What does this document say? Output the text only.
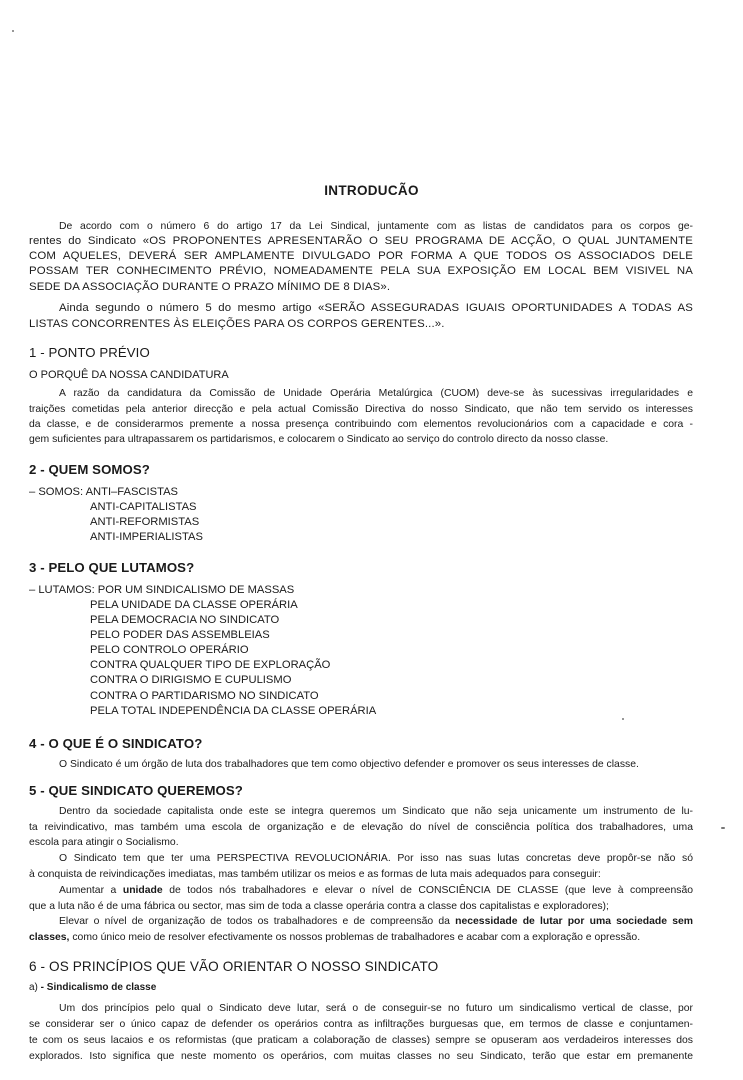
INTRODUCÃO
De acordo com o número 6 do artigo 17 da Lei Sindical, juntamente com as listas de candidatos para os corpos ge-
rentes do Sindicato «OS PROPONENTES APRESENTARÃO O SEU PROGRAMA DE ACÇÃO, O QUAL JUNTAMENTE
COM AQUELES, DEVERÁ SER AMPLAMENTE DIVULGADO POR FORMA A QUE TODOS OS ASSOCIADOS DELE
POSSAM TER CONHECIMENTO PRÉVIO, NOMEADAMENTE PELA SUA EXPOSIÇÃO EM LOCAL BEM VISIVEL NA
SEDE DA ASSOCIAÇÃO DURANTE O PRAZO MÍNIMO DE 8 DIAS».
Ainda segundo o número 5 do mesmo artigo «SERÃO ASSEGURADAS IGUAIS OPORTUNIDADES A TODAS AS
LISTAS CONCORRENTES ÀS ELEIÇÕES PARA OS CORPOS GERENTES...».
1 - PONTO PRÉVIO
O PORQUÊ DA NOSSA CANDIDATURA
A razão da candidatura da Comissão de Unidade Operária Metalúrgica (CUOM) deve-se às sucessivas irregularidades e
traições cometidas pela anterior direcção e pela actual Comissão Directiva do nosso Sindicato, que não tem servido os interesses
da classe, e de considerarmos premente a nossa presença contribuindo com elementos revolucionários com a capacidade e cora -
gem suficientes para ultrapassarem os partidarismos, e colocarem o Sindicato ao serviço do controlo directo da nosso classe.
2 - QUEM SOMOS?
– SOMOS: ANTI–FASCISTAS
ANTI-CAPITALISTAS
ANTI-REFORMISTAS
ANTI-IMPERIALISTAS
3 - PELO QUE LUTAMOS?
– LUTAMOS: POR UM SINDICALISMO DE MASSAS
PELA UNIDADE DA CLASSE OPERÁRIA
PELA DEMOCRACIA NO SINDICATO
PELO PODER DAS ASSEMBLEIAS
PELO CONTROLO OPERÁRIO
CONTRA QUALQUER TIPO DE EXPLORAÇÃO
CONTRA O DIRIGISMO E CUPULISMO
CONTRA O PARTIDARISMO NO SINDICATO
PELA TOTAL INDEPENDÊNCIA DA CLASSE OPERÁRIA
4 - O QUE É O SINDICATO?
O Sindicato é um órgão de luta dos trabalhadores que tem como objectivo defender e promover os seus interesses de classe.
5 - QUE SINDICATO QUEREMOS?
Dentro da sociedade capitalista onde este se integra queremos um Sindicato que não seja unicamente um instrumento de lu-
ta reivindicativo, mas também uma escola de organização e de elevação do nível de consciência política dos trabalhadores, uma
escola para atingir o Socialismo.
O Sindicato tem que ter uma PERSPECTIVA REVOLUCIONÁRIA. Por isso nas suas lutas concretas deve propôr-se não só
à conquista de reivindicações imediatas, mas também utilizar os meios e as formas de luta mais adequados para conseguir:
Aumentar a unidade de todos nós trabalhadores e elevar o nível de CONSCIÊNCIA DE CLASSE (que leve à compreensão
que a luta não é de uma fábrica ou sector, mas sim de toda a classe operária contra a classe dos capitalistas e exploradores);
Elevar o nível de organização de todos os trabalhadores e de compreensão da necessidade de lutar por uma sociedade sem
classes, como único meio de resolver efectivamente os nossos problemas de trabalhadores e acabar com a exploração e opressão.
6 - OS PRINCÍPIOS QUE VÃO ORIENTAR O NOSSO SINDICATO
a) - Sindicalismo de classe
Um dos princípios pelo qual o Sindicato deve lutar, será o de conseguir-se no futuro um sindicalismo vertical de classe, por
se considerar ser o único capaz de defender os operários contra as infiltrações burguesas que, em termos de classe e conjuntamen-
te com os seus lacaios e os reformistas (que praticam a colaboração de classes) sempre se opuseram aos verdadeiros interesses dos
explorados. Isto significa que neste momento os operários, com muitas classes no seu Sindicato, terão que estar em premanente
